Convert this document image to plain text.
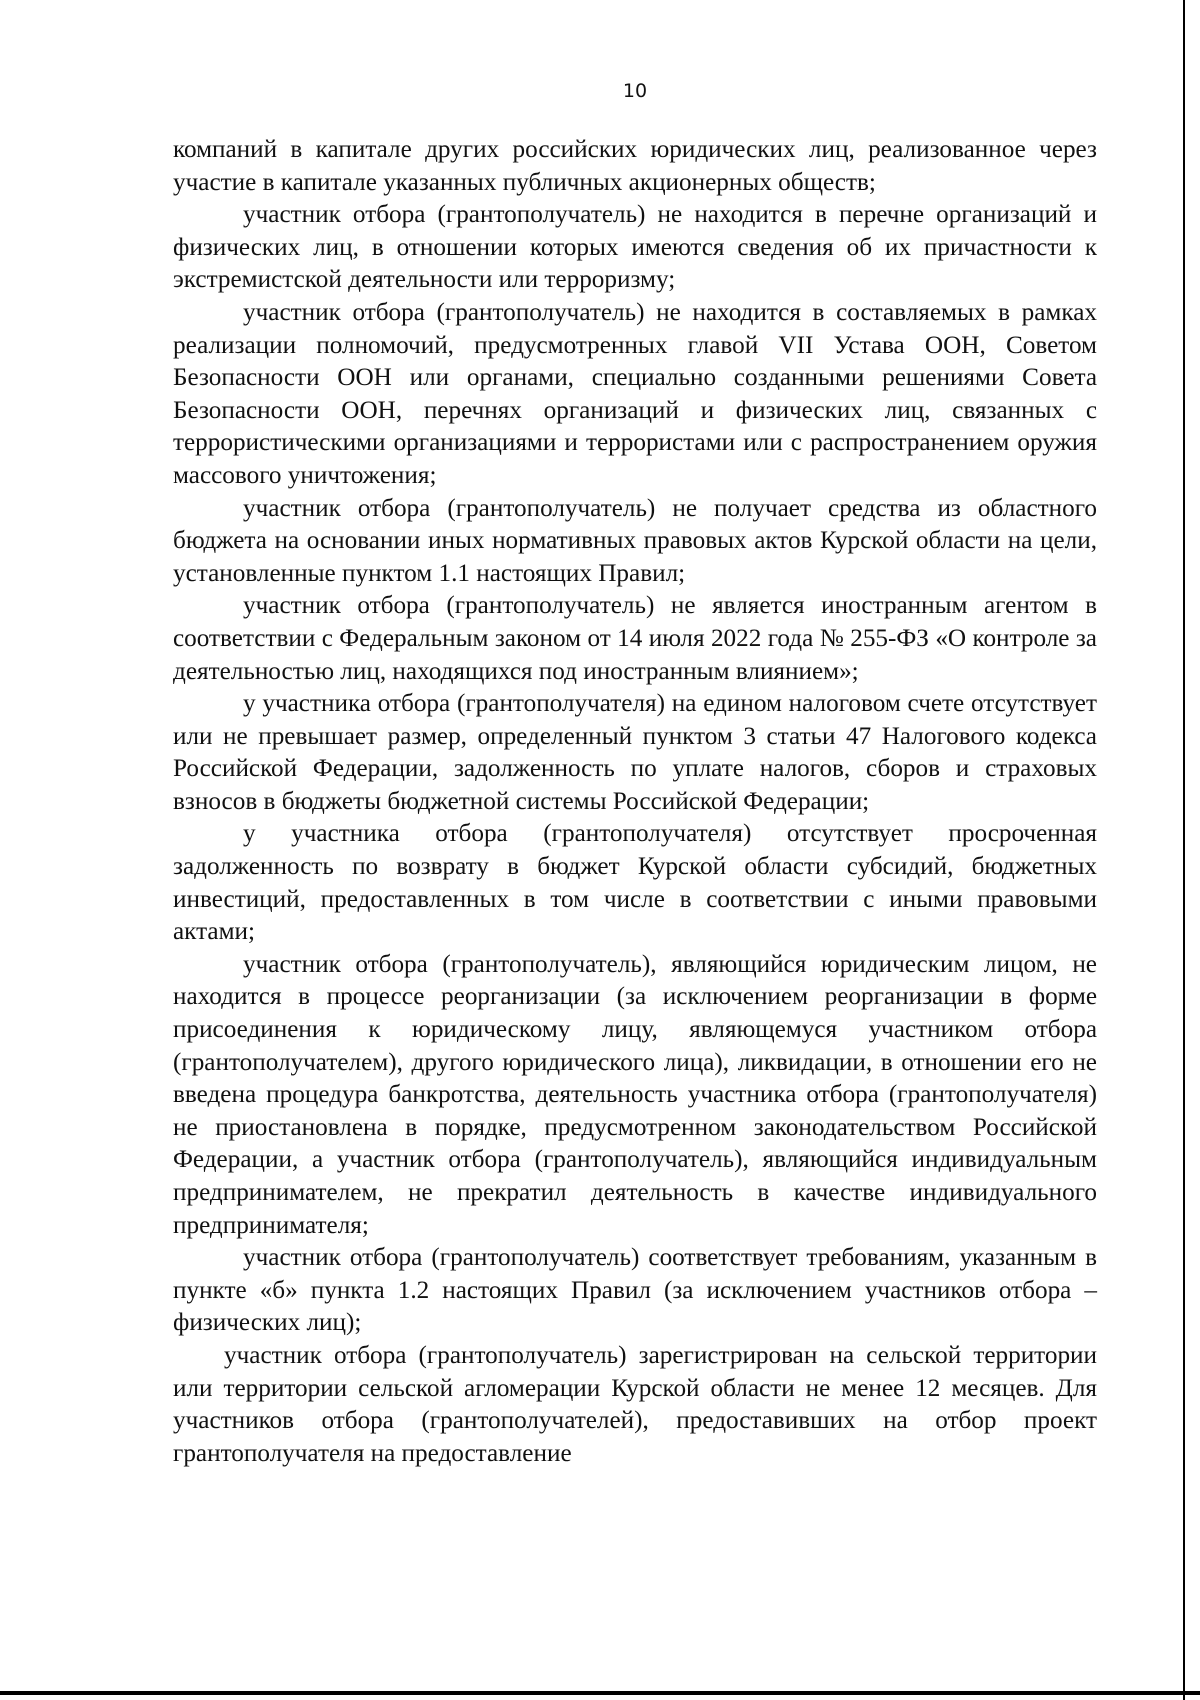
10

компаний в капитале других российских юридических лиц, реализованное через участие в капитале указанных публичных акционерных обществ;

участник отбора (грантополучатель) не находится в перечне организаций и физических лиц, в отношении которых имеются сведения об их причастности к экстремистской деятельности или терроризму;

участник отбора (грантополучатель) не находится в составляемых в рамках реализации полномочий, предусмотренных главой VII Устава ООН, Советом Безопасности ООН или органами, специально созданными решениями Совета Безопасности ООН, перечнях организаций и физических лиц, связанных с террористическими организациями и террористами или с распространением оружия массового уничтожения;

участник отбора (грантополучатель) не получает средства из областного бюджета на основании иных нормативных правовых актов Курской области на цели, установленные пунктом 1.1 настоящих Правил;

участник отбора (грантополучатель) не является иностранным агентом в соответствии с Федеральным законом от 14 июля 2022 года № 255-ФЗ «О контроле за деятельностью лиц, находящихся под иностранным влиянием»;

у участника отбора (грантополучателя) на едином налоговом счете отсутствует или не превышает размер, определенный пунктом 3 статьи 47 Налогового кодекса Российской Федерации, задолженность по уплате налогов, сборов и страховых взносов в бюджеты бюджетной системы Российской Федерации;

у участника отбора (грантополучателя) отсутствует просроченная задолженность по возврату в бюджет Курской области субсидий, бюджетных инвестиций, предоставленных в том числе в соответствии с иными правовыми актами;

участник отбора (грантополучатель), являющийся юридическим лицом, не находится в процессе реорганизации (за исключением реорганизации в форме присоединения к юридическому лицу, являющемуся участником отбора (грантополучателем), другого юридического лица), ликвидации, в отношении его не введена процедура банкротства, деятельность участника отбора (грантополучателя) не приостановлена в порядке, предусмотренном законодательством Российской Федерации, а участник отбора (грантополучатель), являющийся индивидуальным предпринимателем, не прекратил деятельность в качестве индивидуального предпринимателя;

участник отбора (грантополучатель) соответствует требованиям, указанным в пункте «б» пункта 1.2 настоящих Правил (за исключением участников отбора – физических лиц);

участник отбора (грантополучатель) зарегистрирован на сельской территории или территории сельской агломерации Курской области не менее 12 месяцев. Для участников отбора (грантополучателей), предоставивших на отбор проект грантополучателя на предоставление
